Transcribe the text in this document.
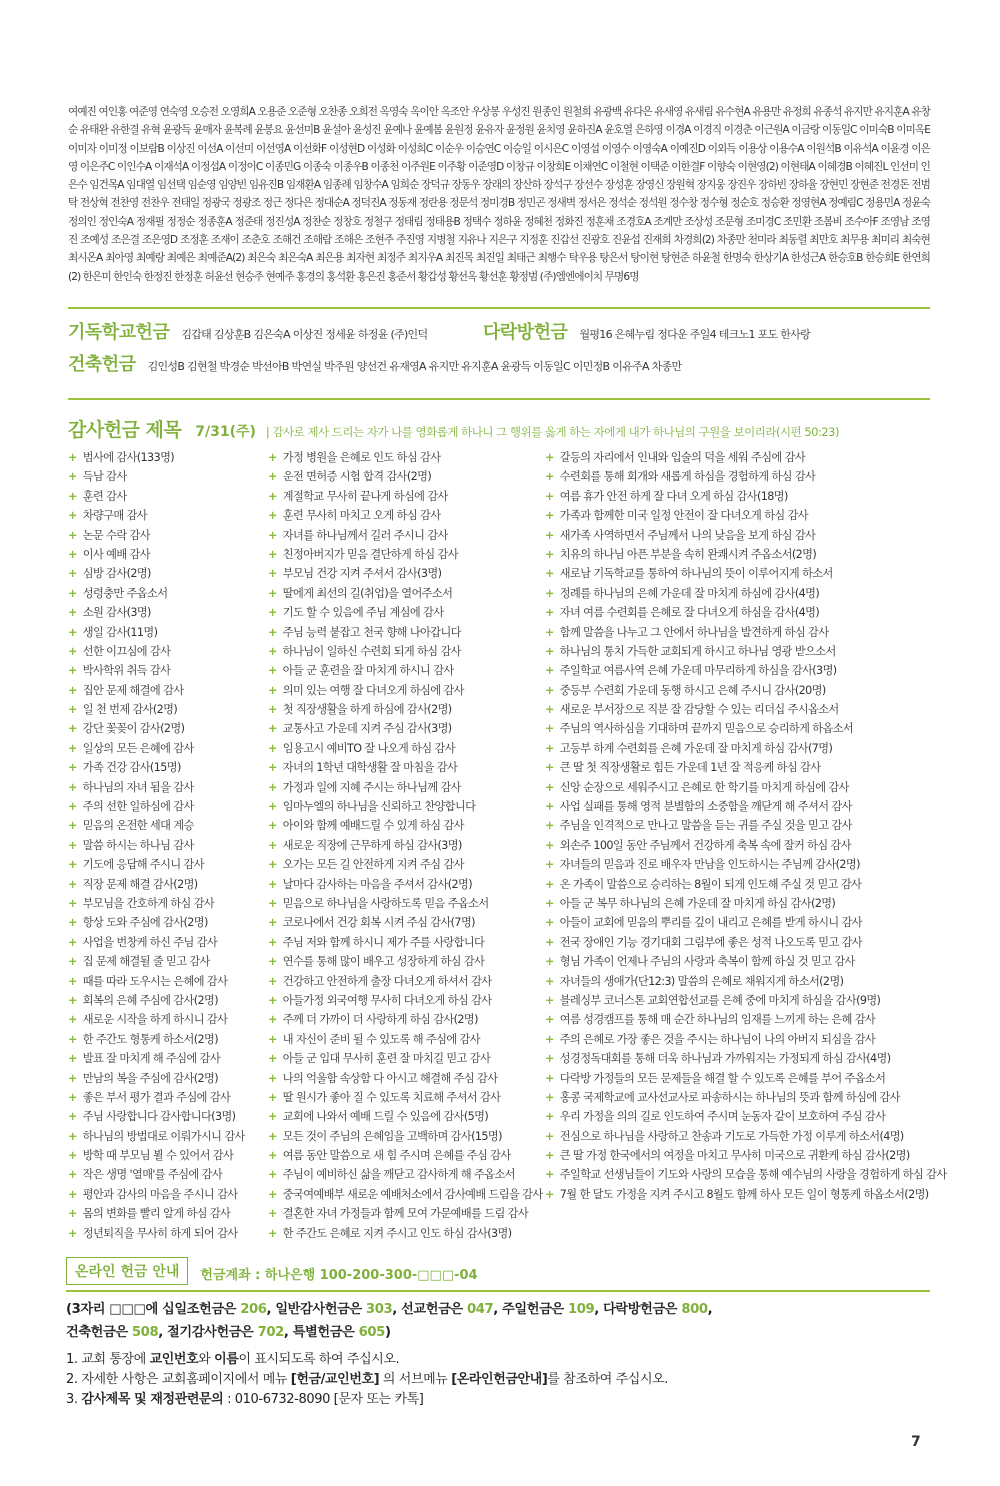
여예진 여인홍 여준영 연숙영 오승전 오영희A 오용준 오준형 오찬종 오희전 옥영숙 옥이안 옥조안 우상봉 우성진 원종인 원철희 유광백 유다은 유새영 유새림 유수현A 유용만 유정희 유종석 유지만 유지훈A 유창순 유태완 유한결 유혁 윤광득 윤매자 윤복례 윤봉요 윤선미B 윤설아 윤성진 윤예나 윤예봄 윤원정 윤유자 윤정원 윤치영 윤하진A 윤호열 은하영 이경A 이경직 이경춘 이근원A 이금랑 이동일C 이미숙B 이미옥E 이미자 이미정 이보람B 이상진 이선A 이선미 이선영A 이선화F 이성현D 이성화 이성희C 이순우 이승연C 이승일 이시은C 이영섭 이영수 이영숙A 이예진D 이외득 이용상 이용수A 이원석B 이유석A 이윤경 이은영 이은주C 이인수A 이재석A 이정섭A 이정이C 이종민G 이종숙 이종우B 이종천 이주원E 이주황 이준영D 이창규 이창희E 이채연C 이철현 이택준 이한결F 이향숙 이현영(2) 이현태A 이혜경B 이혜진L 인선미 인은수 임건목A 임대열 임선택 임순영 임양빈 임유진B 임재환A 임종례 임창수A 임희순 장덕규 장동우 장래의 장산하 장석구 장선수 장성훈 장영신 장원혁 장지웅 장진우 장하빈 장하율 장현민 장현준 전경돈 전범탁 전상혁 전찬영 전찬우 전태일 정광국 정광조 정근 정다은 정대순A 정덕진A 정동재 정란용 정문석 정미경B 정민곤 정새벽 정서은 정석순 정석원 정수창 정수형 정순호 정승환 정영현A 정예림C 정용민A 정윤숙 정의인 정인숙A 정재필 정정순 정종훈A 정준태 정진성A 정찬순 정창호 정철구 정태림 정태용B 정택수 정하윤 정혜천 정화진 정훈채 조경호A 조계만 조상성 조문형 조미경C 조민환 조봄비 조수아F 조영남 조영진 조예성 조은결 조은영D 조정훈 조재이 조춘호 조해건 조해람 조해은 조현주 주진영 지병철 지유나 지은구 지정훈 진갑선 진광호 진윤섭 진재희 차경희(2) 차종만 천미라 최동렬 최만호 최무용 최미리 최숙현 최시온A 최아영 최예랑 최예은 최예준A(2) 최은숙 최은숙A 최은용 최자현 최정주 최지우A 최진목 최진일 최태근 최행수 탁우용 탕은서 탕이현 탕현준 하윤철 한명숙 한상기A 한성근A 한승호B 한승희E 한연희(2) 한은미 한인숙 한정진 한정훈 허윤선 현승주 현예주 홍경의 홍석환 홍은진 홍준서 황갑성 황선옥 황선훈 황정범 (주)엠엔에이치 무명6명
기독학교헌금 김갑태 김상훈B 김은숙A 이상진 정세윤 하정윤 (주)인덕	다락방헌금 월평16 은혜누림 정다운 주일4 테크노1 포도 한사랑
건축헌금 김인성B 김현철 박경순 박선아B 박연실 박주원 양선건 유재영A 유지만 유지훈A 윤광득 이동일C 이민정B 이유주A 차종만
감사헌금 제목 7/31(주) | 감사로 제사 드리는 자가 나를 영화롭게 하나니 그 행위를 옳게 하는 자에게 내가 하나님의 구원을 보이리라(시편 50:23)
+ 범사에 감사(133명)
+ 득남 감사
+ 훈련 감사
+ 차량구매 감사
+ 논문 수락 감사
+ 이사 예배 감사
+ 심방 감사(2명)
+ 성령충만 주옵소서
+ 소원 감사(3명)
+ 생일 감사(11명)
+ 선한 이끄심에 감사
+ 박사학위 취득 감사
+ 집안 문제 해결에 감사
+ 일 천 번제 감사(2명)
+ 강단 꽃꽂이 감사(2명)
+ 일상의 모든 은혜에 감사
+ 가족 건강 감사(15명)
+ 하나님의 자녀 됨을 감사
+ 주의 선한 일하심에 감사
+ 믿음의 온전한 세대 계승
+ 말씀 하시는 하나님 감사
+ 기도에 응답해 주시니 감사
+ 직장 문제 해결 감사(2명)
+ 부모님을 간호하게 하심 감사
+ 항상 도와 주심에 감사(2명)
+ 사업을 번창케 하신 주님 감사
+ 집 문제 해결될 줄 믿고 감사
+ 때를 따라 도우시는 은혜에 감사
+ 회복의 은혜 주심에 감사(2명)
+ 새로운 시작을 하게 하시니 감사
+ 한 주간도 형통케 하소서(2명)
+ 발표 잘 마치게 해 주심에 감사
+ 만남의 복을 주심에 감사(2명)
+ 좋은 부서 평가 결과 주심에 감사
+ 주님 사랑합니다 감사합니다(3명)
+ 하나님의 방법대로 이뤄가시니 감사
+ 방학 때 부모님 뵐 수 있어서 감사
+ 작은 생명 '열매'를 주심에 감사
+ 평안과 감사의 마음을 주시니 감사
+ 몸의 변화를 빨리 알게 하심 감사
+ 정년퇴직을 무사히 하게 되어 감사
+ 가정 병원을 은혜로 인도 하심 감사
+ 운전 면허증 시험 합격 감사(2명)
+ 계절학교 무사히 끝나게 하심에 감사
+ 훈련 무사히 마치고 오게 하심 감사
+ 자녀를 하나님께서 길러 주시니 감사
+ 친정아버지가 믿음 결단하게 하심 감사
+ 부모님 건강 지켜 주셔서 감사(3명)
+ 딸에게 최선의 길(취업)을 열어주소서
+ 기도 할 수 있음에 주님 계심에 감사
+ 주님 능력 붙잡고 천국 향해 나아갑니다
+ 하나님이 일하신 수련회 되게 하심 감사
+ 아들 군 훈련을 잘 마치게 하시니 감사
+ 의미 있는 여행 잘 다녀오게 하심에 감사
+ 첫 직장생활을 하게 하심에 감사(2명)
+ 교통사고 가운데 지켜 주심 감사(3명)
+ 임용고시 예비TO 잘 나오게 하심 감사
+ 자녀의 1학년 대학생활 잘 마침을 감사
+ 가정과 일에 지혜 주시는 하나님께 감사
+ 임마누엘의 하나님을 신뢰하고 찬양합니다
+ 아이와 함께 예배드릴 수 있게 하심 감사
+ 새로운 직장에 근무하게 하심 감사(3명)
+ 오가는 모든 길 안전하게 지켜 주심 감사
+ 날마다 감사하는 마음을 주셔서 감사(2명)
+ 믿음으로 하나님을 사랑하도록 믿음 주옵소서
+ 코로나에서 건강 회복 시켜 주심 감사(7명)
+ 주님 저와 함께 하시니 제가 주를 사랑합니다
+ 연수를 통해 많이 배우고 성장하게 하심 감사
+ 건강하고 안전하게 출장 다녀오게 하셔서 감사
+ 아들가정 외국여행 무사히 다녀오게 하심 감사
+ 주께 더 가까이 더 사랑하게 하심 감사(2명)
+ 내 자신이 준비 될 수 있도록 해 주심에 감사
+ 아들 군 입대 무사히 훈련 잘 마치길 믿고 감사
+ 나의 억울함 속상함 다 아시고 해결해 주심 감사
+ 딸 원시가 좋아 질 수 있도록 치료해 주셔서 감사
+ 교회에 나와서 예배 드릴 수 있음에 감사(5명)
+ 모든 것이 주님의 은혜임을 고백하며 감사(15명)
+ 여름 동안 말씀으로 새 힘 주시며 은혜를 주심 감사
+ 주님이 예비하신 삶을 깨닫고 감사하게 해 주옵소서
+ 중국여예배부 새로운 예배처소에서 감사예배 드림을 감사
+ 결혼한 자녀 가정들과 함께 모여 가문예배를 드림 감사
+ 한 주간도 은혜로 지켜 주시고 인도 하심 감사(3명)
+ 갈등의 자리에서 인내와 입술의 덕을 세워 주심에 감사
+ 수련회를 통해 회개와 새롭게 하심을 경험하게 하심 감사
+ 여름 휴가 안전 하게 잘 다녀 오게 하심 감사(18명)
+ 가족과 함께한 미국 일정 안전이 잘 다녀오게 하심 감사
+ 새가족 사역하면서 주님께서 나의 낮음을 보게 하심 감사
+ 치유의 하나님 아픈 부분을 속히 완쾌시켜 주옵소서(2명)
+ 새로남 기독학교를 통하여 하나님의 뜻이 이루어지게 하소서
+ 정례를 하나님의 은혜 가운데 잘 마치게 하심에 감사(4명)
+ 자녀 여름 수련회를 은혜로 잘 다녀오게 하심을 감사(4명)
+ 함께 말씀을 나누고 그 안에서 하나님을 발견하게 하심 감사
+ 하나님의 통치 가득한 교회되게 하시고 하나님 영광 받으소서
+ 주일학교 여름사역 은혜 가운데 마무리하게 하심을 감사(3명)
+ 중등부 수련회 가운데 동행 하시고 은혜 주시니 감사(20명)
+ 새로운 부서장으로 직분 잘 감당할 수 있는 리더십 주시옵소서
+ 주님의 역사하심을 기대하며 끝까지 믿음으로 승리하게 하옵소서
+ 고등부 하계 수련회를 은혜 가운데 잘 마치게 하심 감사(7명)
+ 큰 딸 첫 직장생활로 힘든 가운데 1년 잘 적응케 하심 감사
+ 신앙 순장으로 세워주시고 은혜로 한 학기를 마치게 하심에 감사
+ 사업 실패를 통해 영적 분별함의 소중함을 깨닫게 해 주셔서 감사
+ 주님을 인격적으로 만나고 말씀을 듣는 귀를 주실 것을 믿고 감사
+ 외손주 100일 동안 주님께서 건강하게 축복 속에 잘커 하심 감사
+ 자녀들의 믿음과 진로 배우자 만남을 인도하시는 주님께 감사(2명)
+ 온 가족이 말씀으로 승리하는 8월이 되게 인도해 주실 것 믿고 감사
+ 아들 군 복무 하나님의 은혜 가운데 잘 마치게 하심 감사(2명)
+ 아들이 교회에 믿음의 뿌리를 깊이 내리고 은혜를 받게 하시니 감사
+ 전국 장애인 기능 경기대회 그림부에 좋은 성적 나오도록 믿고 감사
+ 형님 가족이 언제나 주님의 사랑과 축복이 함께 하실 것 믿고 감사
+ 자녀들의 생애가(단12:3) 말씀의 은혜로 채워지게 하소서(2명)
+ 블레싱부 코너스톤 교회연합선교를 은혜 중에 마치게 하심을 감사(9명)
+ 여름 성경캠프를 통해 매 순간 하나님의 임재를 느끼게 하는 은혜 감사
+ 주의 은혜로 가장 좋은 것을 주시는 하나님이 나의 아버지 되심을 감사
+ 성경정독대회를 통해 더욱 하나님과 가까워지는 가정되게 하심 감사(4명)
+ 다락방 가정들의 모든 문제들을 해결 할 수 있도록 은혜를 부어 주옵소서
+ 홍콩 국제학교에 교사선교사로 파송하시는 하나님의 뜻과 함께 하심에 감사
+ 우리 가정을 의의 길로 인도하여 주시며 눈동자 같이 보호하여 주심 감사
+ 전심으로 하나님을 사랑하고 찬송과 기도로 가득한 가정 이루게 하소서(4명)
+ 큰 딸 가정 한국에서의 여정을 마치고 무사히 미국으로 귀환케 하심 감사(2명)
+ 주일학교 선생님들이 기도와 사랑의 모습을 통해 예수님의 사랑을 경험하게 하심 감사
+ 7월 한 달도 가정을 지켜 주시고 8월도 함께 하사 모든 일이 형통케 하옵소서(2명)
온라인 헌금 안내	헌금계좌 : 하나은행 100-200-300-□□□-04
(3자리 □□□에 십일조헌금은 206, 일반감사헌금은 303, 선교헌금은 047, 주일헌금은 109, 다락방헌금은 800,
건축헌금은 508, 절기감사헌금은 702, 특별헌금은 605)
1. 교회 통장에 교인번호와 이름이 표시되도록 하여 주십시오.
2. 자세한 사항은 교회홈페이지에서 메뉴 [헌금/교인번호] 의 서브메뉴 [온라인헌금안내]를 참조하여 주십시오.
3. 감사제목 및 재정관련문의 : 010-6732-8090 [문자 또는 카톡]
7
